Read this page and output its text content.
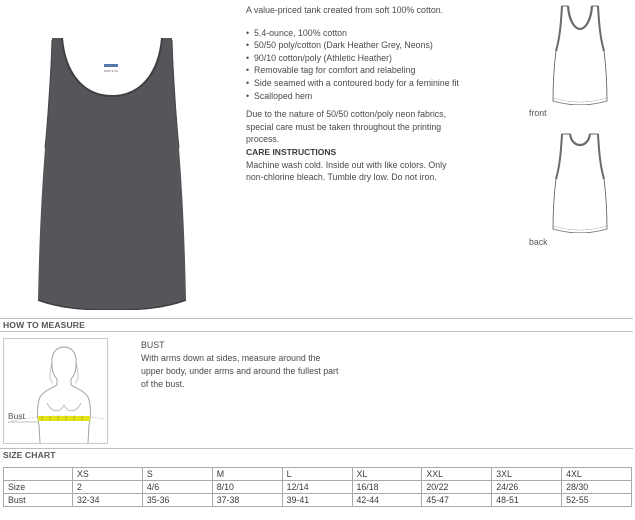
PORT & CO

A value-priced tank created from soft 100% cotton.

• 5.4-ounce, 100% cotton
• 50/50 poly/cotton (Dark Heather Grey, Neons)
• 90/10 cotton/poly (Athletic Heather)
• Removable tag for comfort and relabeling
• Side seamed with a contoured body for a feminine fit
• Scalloped hem

Due to the nature of 50/50 cotton/poly neon fabrics, special care must be taken throughout the printing process.

CARE INSTRUCTIONS

Machine wash cold. Inside out with like colors. Only non-chlorine bleach. Tumble dry low. Do not iron.

front
back
HOW TO MEASURE
Bust
BUST
With arms down at sides, measure around the upper body, under arms and around the fullest part of the bust.
SIZE CHART
	XS	S	M	L	XL	XXL	3XL	4XL
Size	2	4/6	8/10	12/14	16/18	20/22	24/26	28/30
Bust	32-34	35-36	37-38	39-41	42-44	45-47	48-51	52-55
